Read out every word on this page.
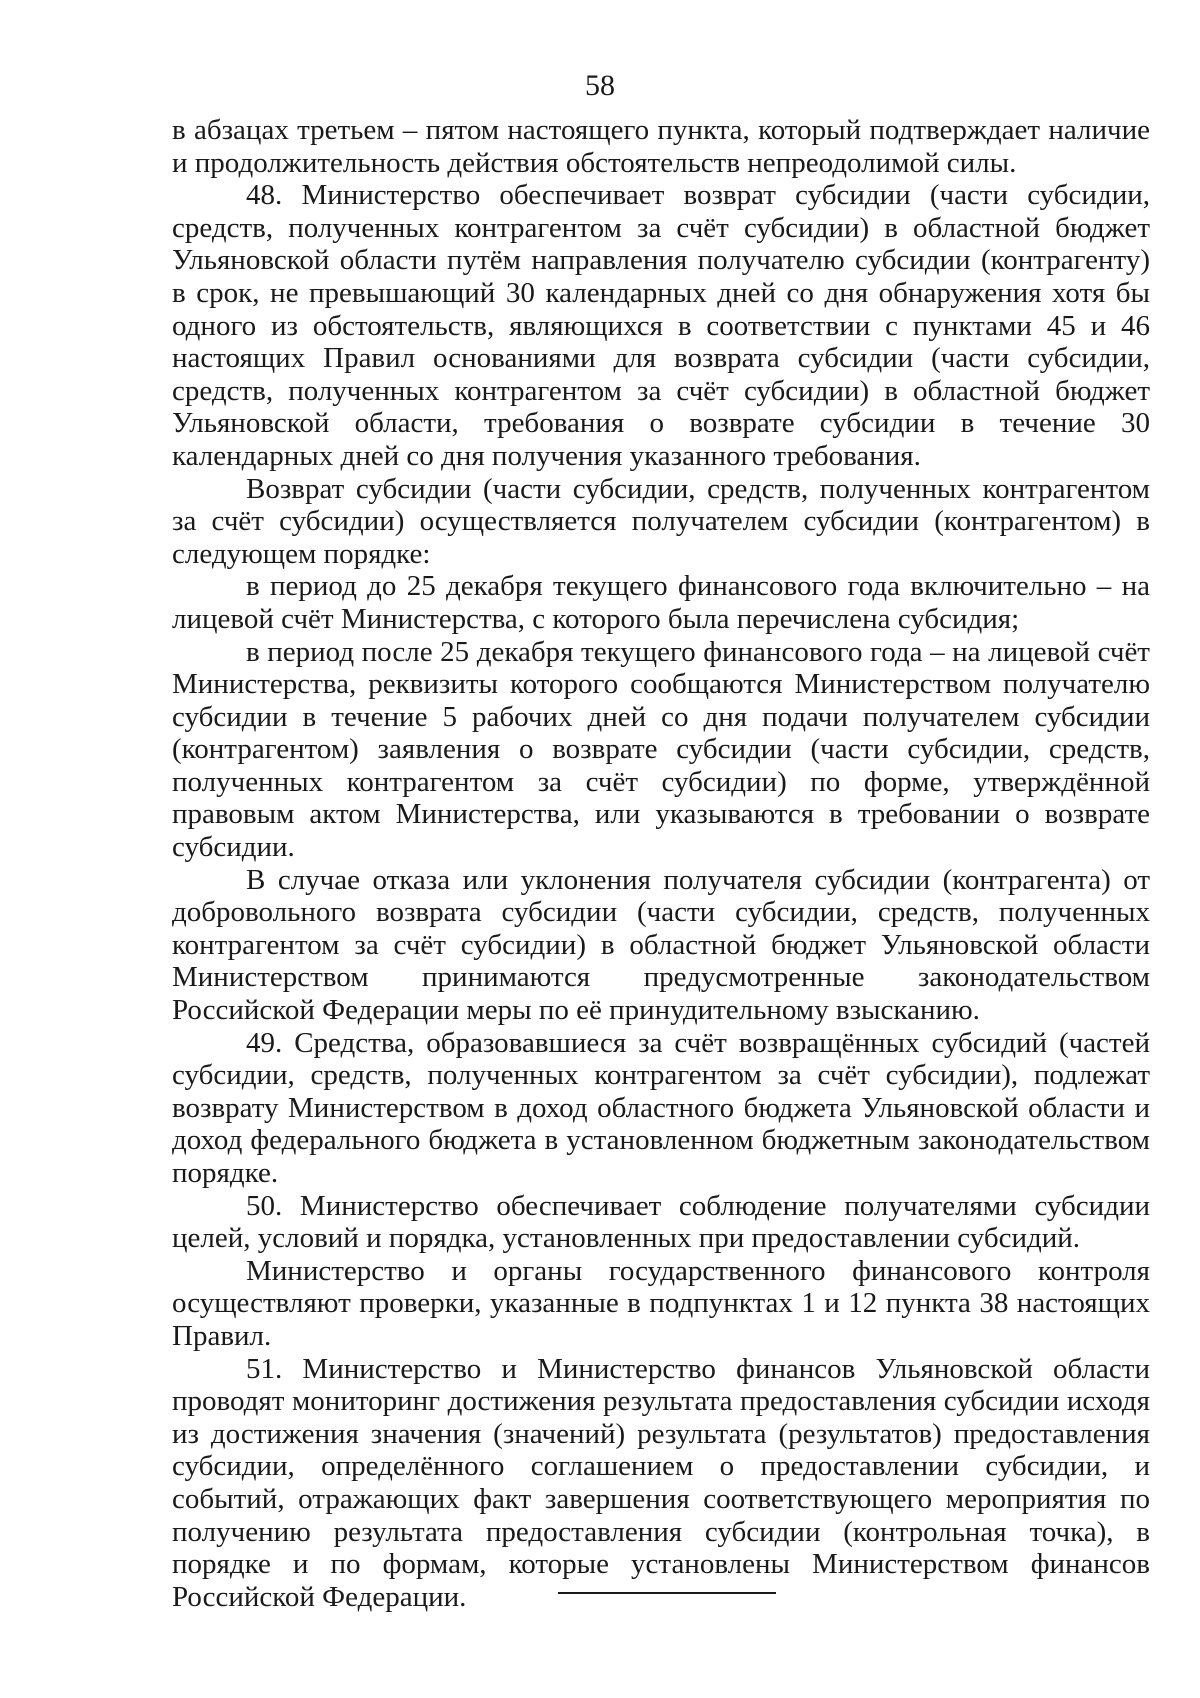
58

в абзацах третьем – пятом настоящего пункта, который подтверждает наличие и продолжительность действия обстоятельств непреодолимой силы.

48. Министерство обеспечивает возврат субсидии (части субсидии, средств, полученных контрагентом за счёт субсидии) в областной бюджет Ульяновской области путём направления получателю субсидии (контрагенту) в срок, не превышающий 30 календарных дней со дня обнаружения хотя бы одного из обстоятельств, являющихся в соответствии с пунктами 45 и 46 настоящих Правил основаниями для возврата субсидии (части субсидии, средств, полученных контрагентом за счёт субсидии) в областной бюджет Ульяновской области, требования о возврате субсидии в течение 30 календарных дней со дня получения указанного требования.

Возврат субсидии (части субсидии, средств, полученных контрагентом за счёт субсидии) осуществляется получателем субсидии (контрагентом) в следующем порядке:

в период до 25 декабря текущего финансового года включительно – на лицевой счёт Министерства, с которого была перечислена субсидия;

в период после 25 декабря текущего финансового года – на лицевой счёт Министерства, реквизиты которого сообщаются Министерством получателю субсидии в течение 5 рабочих дней со дня подачи получателем субсидии (контрагентом) заявления о возврате субсидии (части субсидии, средств, полученных контрагентом за счёт субсидии) по форме, утверждённой правовым актом Министерства, или указываются в требовании о возврате субсидии.

В случае отказа или уклонения получателя субсидии (контрагента) от добровольного возврата субсидии (части субсидии, средств, полученных контрагентом за счёт субсидии) в областной бюджет Ульяновской области Министерством принимаются предусмотренные законодательством Российской Федерации меры по её принудительному взысканию.

49. Средства, образовавшиеся за счёт возвращённых субсидий (частей субсидии, средств, полученных контрагентом за счёт субсидии), подлежат возврату Министерством в доход областного бюджета Ульяновской области и доход федерального бюджета в установленном бюджетным законодательством порядке.

50. Министерство обеспечивает соблюдение получателями субсидии целей, условий и порядка, установленных при предоставлении субсидий.

Министерство и органы государственного финансового контроля осуществляют проверки, указанные в подпунктах 1 и 12 пункта 38 настоящих Правил.

51. Министерство и Министерство финансов Ульяновской области проводят мониторинг достижения результата предоставления субсидии исходя из достижения значения (значений) результата (результатов) предоставления субсидии, определённого соглашением о предоставлении субсидии, и событий, отражающих факт завершения соответствующего мероприятия по получению результата предоставления субсидии (контрольная точка), в порядке и по формам, которые установлены Министерством финансов Российской Федерации.
